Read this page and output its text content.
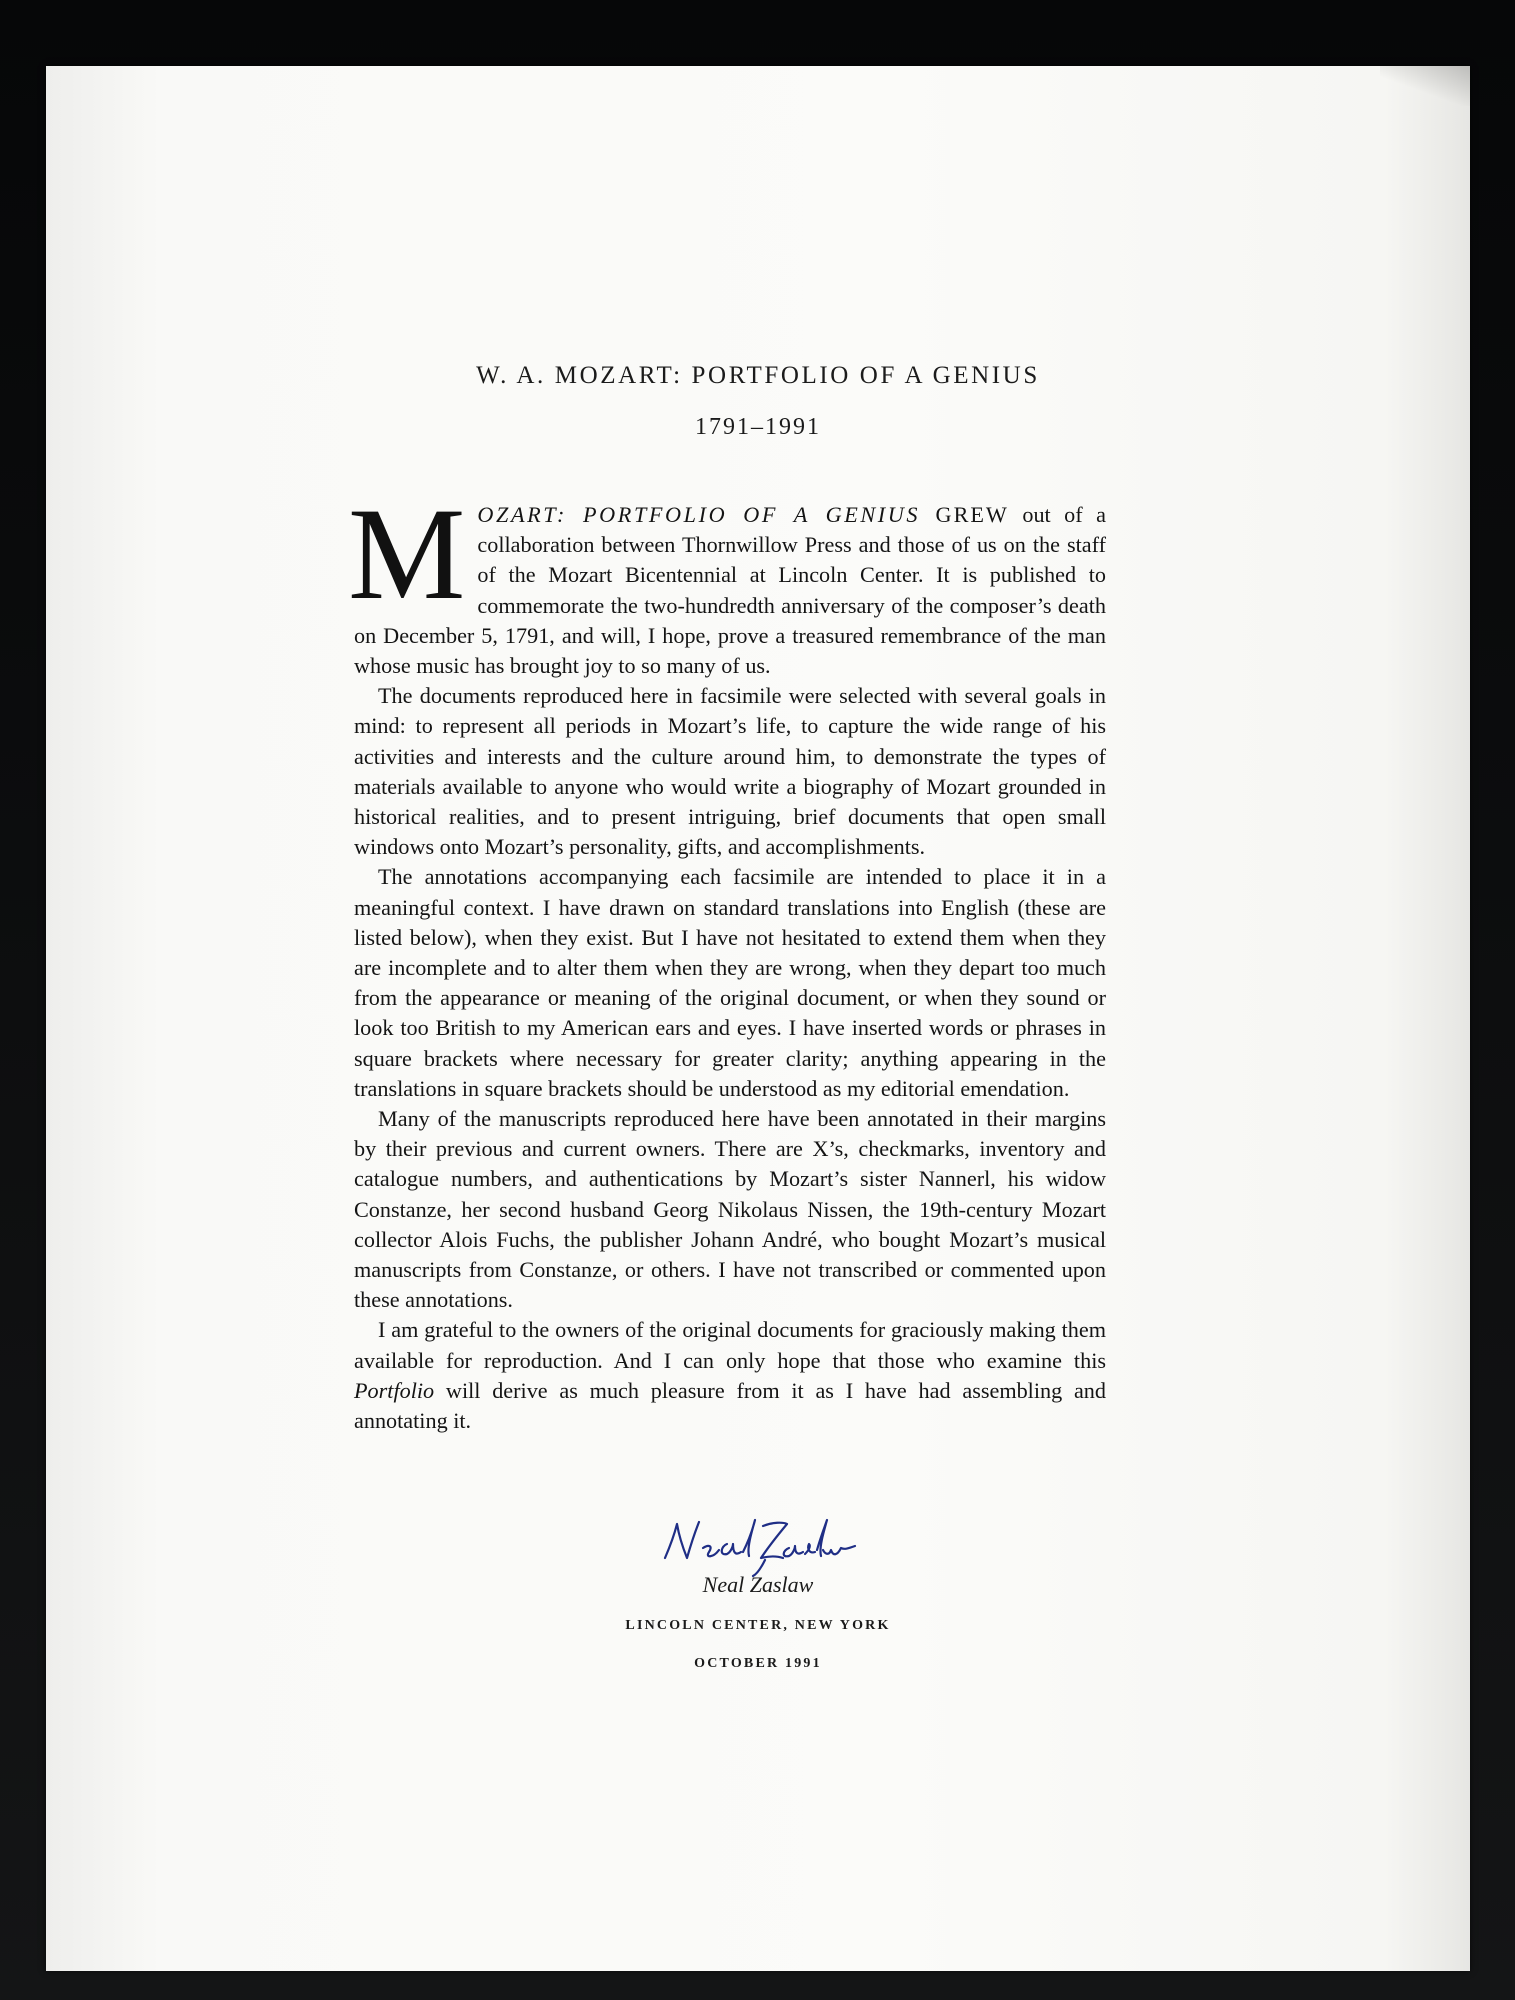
W. A. MOZART: PORTFOLIO OF A GENIUS
1791–1991

MOZART: PORTFOLIO OF A GENIUS GREW out of a collaboration between Thornwillow Press and those of us on the staff of the Mozart Bicentennial at Lincoln Center. It is published to commemorate the two-hundredth anniversary of the composer’s death on December 5, 1791, and will, I hope, prove a treasured remembrance of the man whose music has brought joy to so many of us.

The documents reproduced here in facsimile were selected with several goals in mind: to represent all periods in Mozart’s life, to capture the wide range of his activities and interests and the culture around him, to demonstrate the types of materials available to anyone who would write a biography of Mozart grounded in historical realities, and to present intriguing, brief documents that open small windows onto Mozart’s personality, gifts, and accomplishments.

The annotations accompanying each facsimile are intended to place it in a meaningful context. I have drawn on standard translations into English (these are listed below), when they exist. But I have not hesitated to extend them when they are incomplete and to alter them when they are wrong, when they depart too much from the appearance or meaning of the original document, or when they sound or look too British to my American ears and eyes. I have inserted words or phrases in square brackets where necessary for greater clarity; anything appearing in the translations in square brackets should be understood as my editorial emendation.

Many of the manuscripts reproduced here have been annotated in their margins by their previous and current owners. There are X’s, checkmarks, inventory and catalogue numbers, and authentications by Mozart’s sister Nannerl, his widow Constanze, her second husband Georg Nikolaus Nissen, the 19th-century Mozart collector Alois Fuchs, the publisher Johann André, who bought Mozart’s musical manuscripts from Constanze, or others. I have not transcribed or commented upon these annotations.

I am grateful to the owners of the original documents for graciously making them available for reproduction. And I can only hope that those who examine this Portfolio will derive as much pleasure from it as I have had assembling and annotating it.

Neal Zaslaw
LINCOLN CENTER, NEW YORK
OCTOBER 1991
